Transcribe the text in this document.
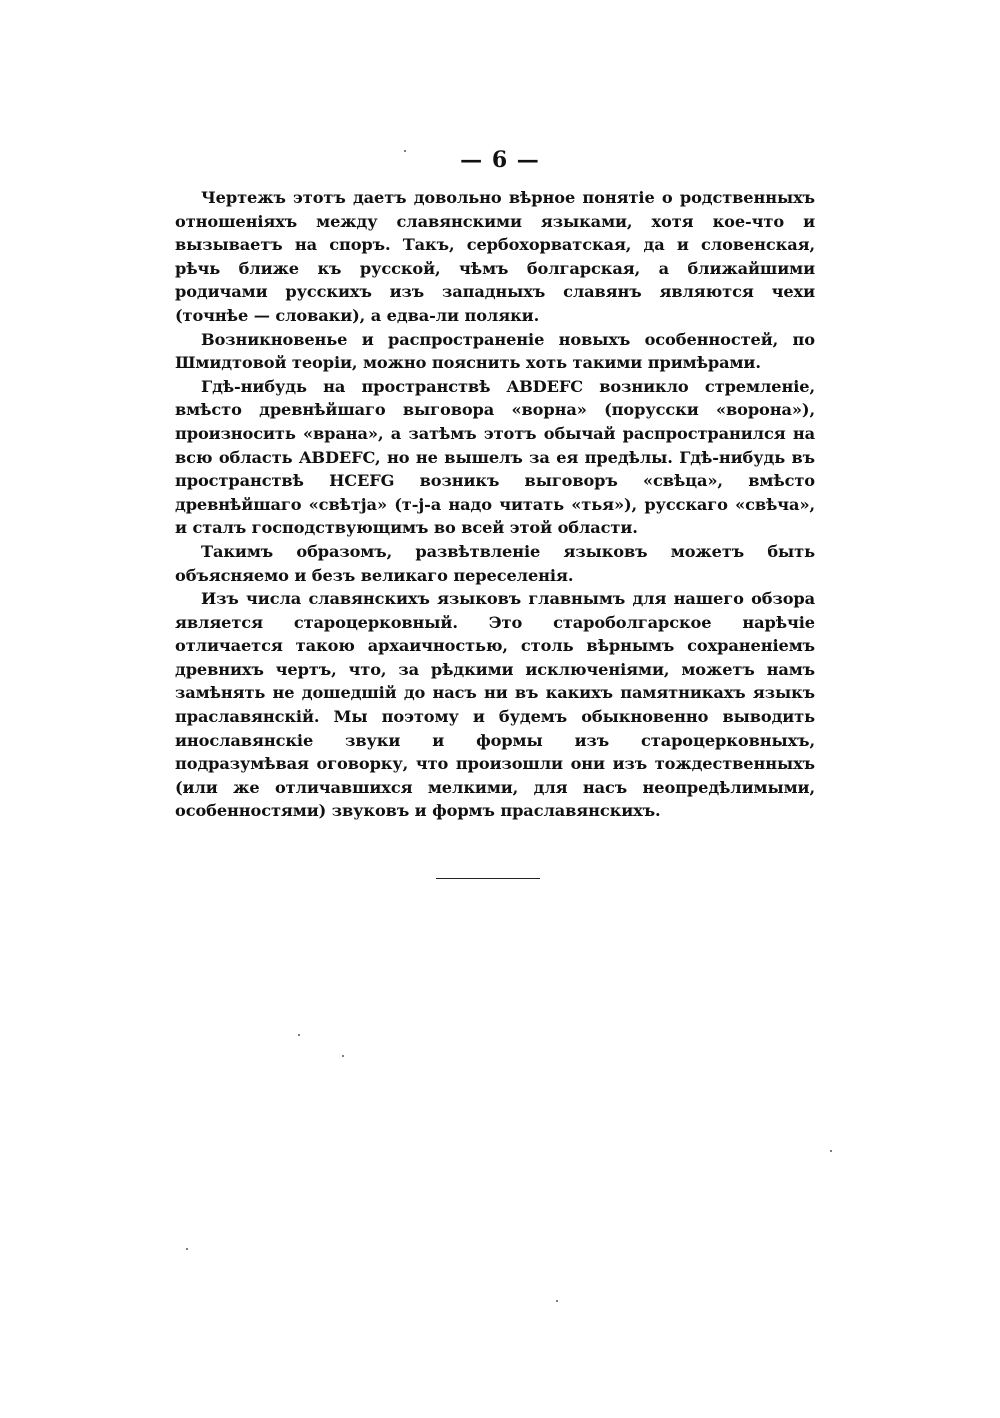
— 6 —

Чертежъ этотъ даетъ довольно вѣрное понятіе о родственныхъ отношеніяхъ между славянскими языками, хотя кое-что и вызываетъ на споръ. Такъ, сербохорватская, да и словенская, рѣчь ближе къ русской, чѣмъ болгарская, а ближайшими родичами русскихъ изъ западныхъ славянъ являются чехи (точнѣе — словаки), а едва-ли поляки.

Возникновенье и распространеніе новыхъ особенностей, по Шмидтовой теоріи, можно пояснить хоть такими примѣрами.

Гдѣ-нибудь на пространствѣ ABDEFC возникло стремленіе, вмѣсто древнѣйшаго выговора «ворна» (порусски «ворона»), произносить «врана», а затѣмъ этотъ обычай распространился на всю область ABDEFC, но не вышелъ за ея предѣлы. Гдѣ-нибудь въ пространствѣ HCEFG возникъ выговоръ «свѣца», вмѣсто древнѣйшаго «свѣтја» (т-j-а надо читать «тья»), русскаго «свѣча», и сталъ господствующимъ во всей этой области.

Такимъ образомъ, развѣтвленіе языковъ можетъ быть объясняемо и безъ великаго переселенія.

Изъ числа славянскихъ языковъ главнымъ для нашего обзора является староцерковный. Это староболгарское нарѣчіе отличается такою архаичностью, столь вѣрнымъ сохраненіемъ древнихъ чертъ, что, за рѣдкими исключеніями, можетъ намъ замѣнять не дошедшій до насъ ни въ какихъ памятникахъ языкъ праславянскій. Мы поэтому и будемъ обыкновенно выводить инославянскіе звуки и формы изъ староцерковныхъ, подразумѣвая оговорку, что произошли они изъ тождественныхъ (или же отличавшихся мелкими, для насъ неопредѣлимыми, особенностями) звуковъ и формъ праславянскихъ.
